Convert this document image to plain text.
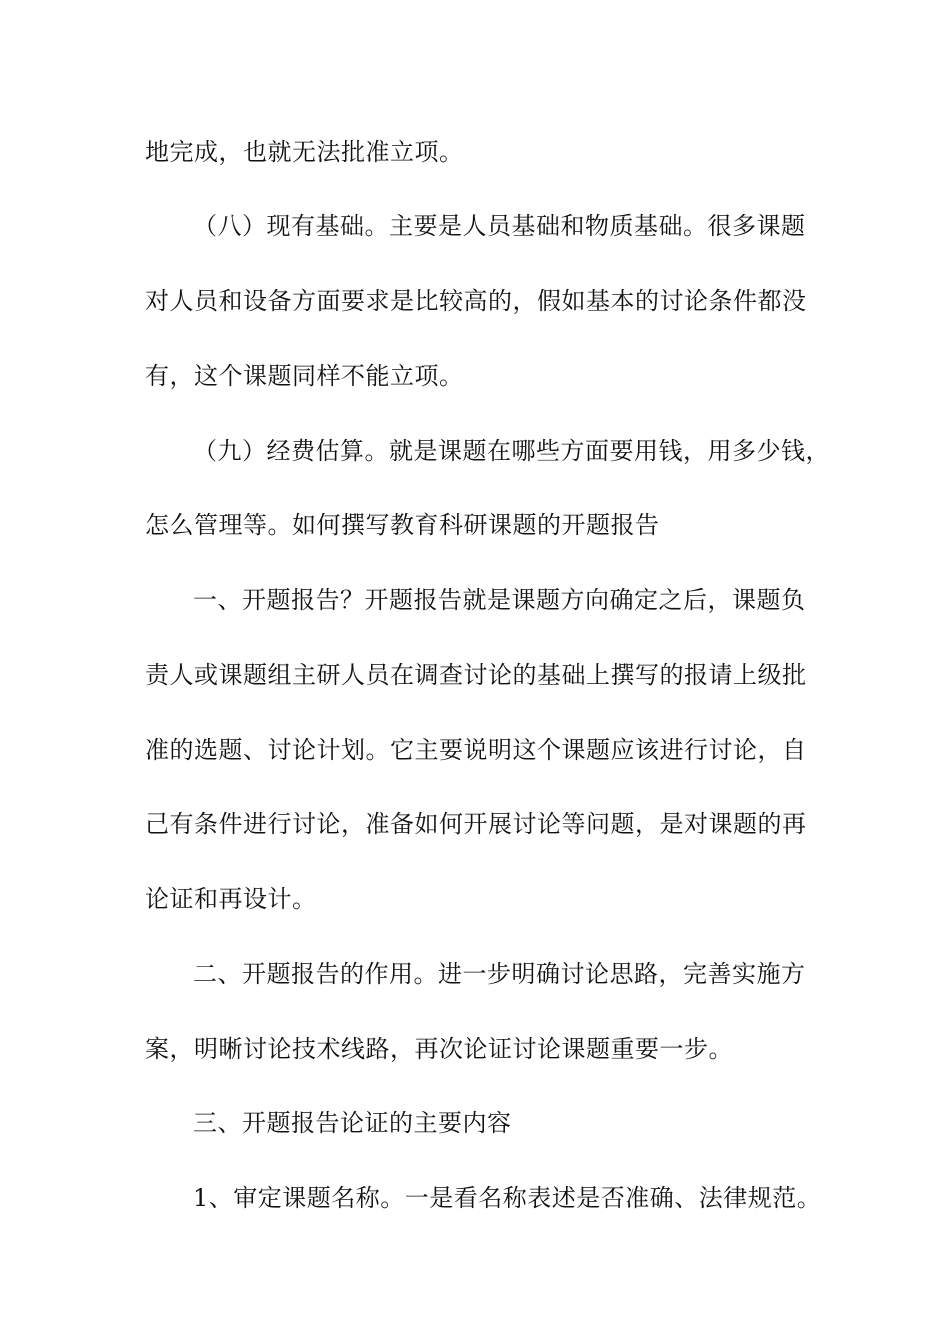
地完成，也就无法批准立项。
（八）现有基础。主要是人员基础和物质基础。很多课题
对人员和设备方面要求是比较高的，假如基本的讨论条件都没
有，这个课题同样不能立项。
（九）经费估算。就是课题在哪些方面要用钱，用多少钱，
怎么管理等。如何撰写教育科研课题的开题报告
一、开题报告？开题报告就是课题方向确定之后，课题负
责人或课题组主研人员在调查讨论的基础上撰写的报请上级批
准的选题、讨论计划。它主要说明这个课题应该进行讨论，自
己有条件进行讨论，准备如何开展讨论等问题，是对课题的再
论证和再设计。
二、开题报告的作用。进一步明确讨论思路，完善实施方
案，明晰讨论技术线路，再次论证讨论课题重要一步。
三、开题报告论证的主要内容
1、审定课题名称。一是看名称表述是否准确、法律规范。
